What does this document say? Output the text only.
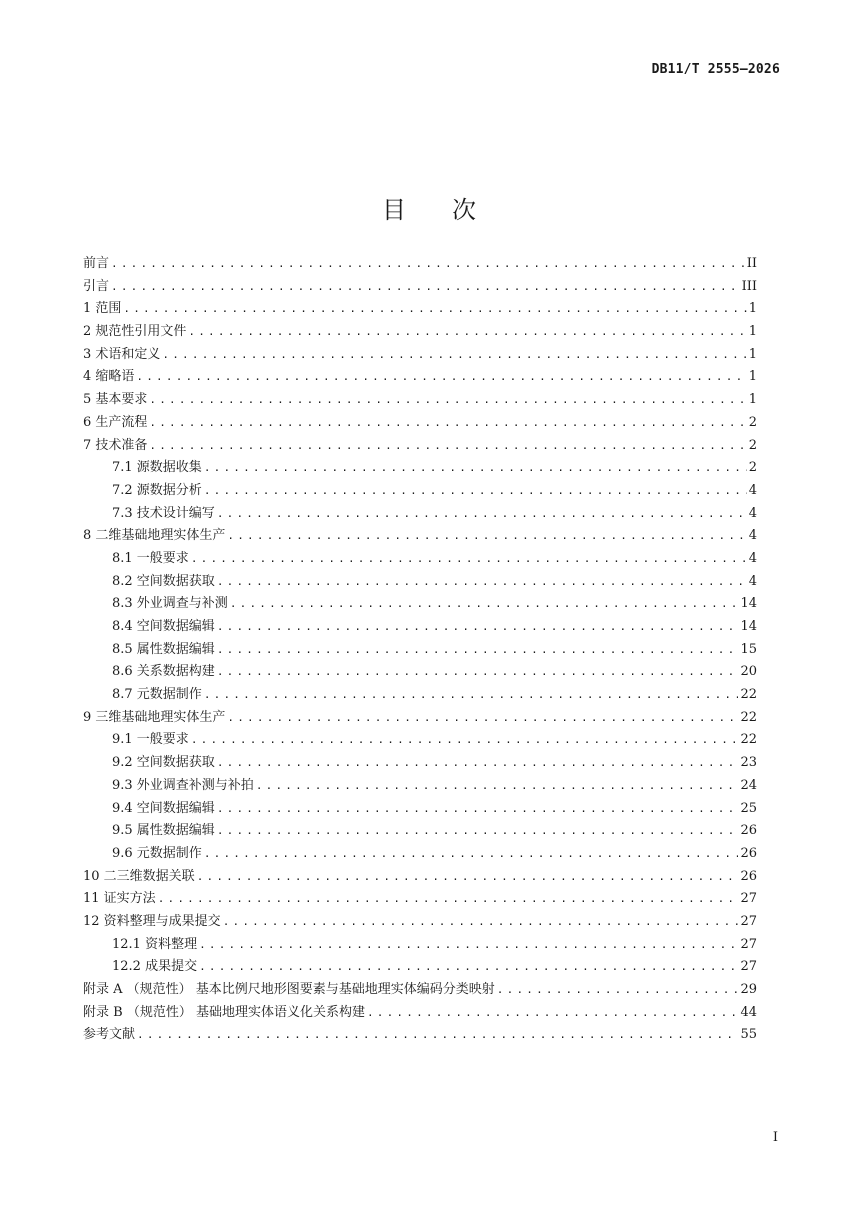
DB11/T 2555—2026
目 次
前言 .....	II
引言 .....	III
1 范围 .....	1
2 规范性引用文件 .....	1
3 术语和定义 .....	1
4 缩略语 .....	1
5 基本要求 .....	1
6 生产流程 .....	2
7 技术准备 .....	2
7.1 源数据收集 .....	2
7.2 源数据分析 .....	4
7.3 技术设计编写 .....	4
8 二维基础地理实体生产 .....	4
8.1 一般要求 .....	4
8.2 空间数据获取 .....	4
8.3 外业调查与补测 .....	14
8.4 空间数据编辑 .....	14
8.5 属性数据编辑 .....	15
8.6 关系数据构建 .....	20
8.7 元数据制作 .....	22
9 三维基础地理实体生产 .....	22
9.1 一般要求 .....	22
9.2 空间数据获取 .....	23
9.3 外业调查补测与补拍 .....	24
9.4 空间数据编辑 .....	25
9.5 属性数据编辑 .....	26
9.6 元数据制作 .....	26
10 二三维数据关联 .....	26
11 证实方法 .....	27
12 资料整理与成果提交 .....	27
12.1 资料整理 .....	27
12.2 成果提交 .....	27
附录 A （规范性） 基本比例尺地形图要素与基础地理实体编码分类映射 .....	29
附录 B （规范性） 基础地理实体语义化关系构建 .....	44
参考文献 .....	55
I
